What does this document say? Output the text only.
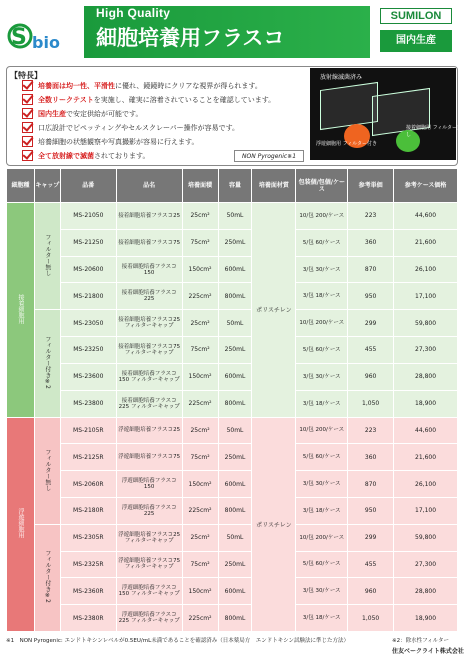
S bio
High Quality
細胞培養用フラスコ
SUMILON
国内生産
【特長】
培養面は均一性、平滑性に優れ、鏡鏡時にクリアな視界が得られます。
全数リークテストを実施し、確実に溶着されていることを確認しています。
国内生産で安定供給が可能です。
口広設計でピペッティングやセルスクレーパー操作が容易です。
培養細胞の状態観察や写真撮影が容易に行えます。
全て放射線で滅菌されております。
放射線滅菌済み
浮遊細胞用 フィルター付き
接着細胞用 フィルター無し
NON Pyrogenic※1
細胞種	キャップ	品番	品名	培養面積	容量	培養面材質	包装個/包個/ケース	参考単価	参考ケース価格
接着細胞用	フィルター無し	MS-21050	接着細胞培養フラスコ25	25cm²	50mL	ポリスチレン	10/包 200/ケース	223	44,600
		MS-21250	接着細胞培養フラスコ75	75cm²	250mL		5/包 60/ケース	360	21,600
		MS-20600	接着細胞培養フラスコ150	150cm²	600mL		3/包 30/ケース	870	26,100
		MS-21800	接着細胞培養フラスコ225	225cm²	800mL		3/包 18/ケース	950	17,100
	フィルター付き※2	MS-23050	接着細胞培養フラスコ25 フィルターキャップ	25cm²	50mL		10/包 200/ケース	299	59,800
		MS-23250	接着細胞培養フラスコ75 フィルターキャップ	75cm²	250mL		5/包 60/ケース	455	27,300
		MS-23600	接着細胞培養フラスコ150 フィルターキャップ	150cm²	600mL		3/包 30/ケース	960	28,800
		MS-23800	接着細胞培養フラスコ225 フィルターキャップ	225cm²	800mL		3/包 18/ケース	1,050	18,900
浮遊細胞用	フィルター無し	MS-2105R	浮遊細胞培養フラスコ25	25cm²	50mL	ポリスチレン	10/包 200/ケース	223	44,600
		MS-2125R	浮遊細胞培養フラスコ75	75cm²	250mL		5/包 60/ケース	360	21,600
		MS-2060R	浮遊細胞培養フラスコ150	150cm²	600mL		3/包 30/ケース	870	26,100
		MS-2180R	浮遊細胞培養フラスコ225	225cm²	800mL		3/包 18/ケース	950	17,100
	フィルター付き※2	MS-2305R	浮遊細胞培養フラスコ25 フィルターキャップ	25cm²	50mL		10/包 200/ケース	299	59,800
		MS-2325R	浮遊細胞培養フラスコ75 フィルターキャップ	75cm²	250mL		5/包 60/ケース	455	27,300
		MS-2360R	浮遊細胞培養フラスコ150 フィルターキャップ	150cm²	600mL		3/包 30/ケース	960	28,800
		MS-2380R	浮遊細胞培養フラスコ225 フィルターキャップ	225cm²	800mL		3/包 18/ケース	1,050	18,900
※1　NON Pyrogenic: エンドトキシンレベルが0.5EU/mL未満であることを確認済み（日本薬局方　エンドトキシン試験法に準じた方法）	※2：除水性フィルター
住友ベークライト株式会社
